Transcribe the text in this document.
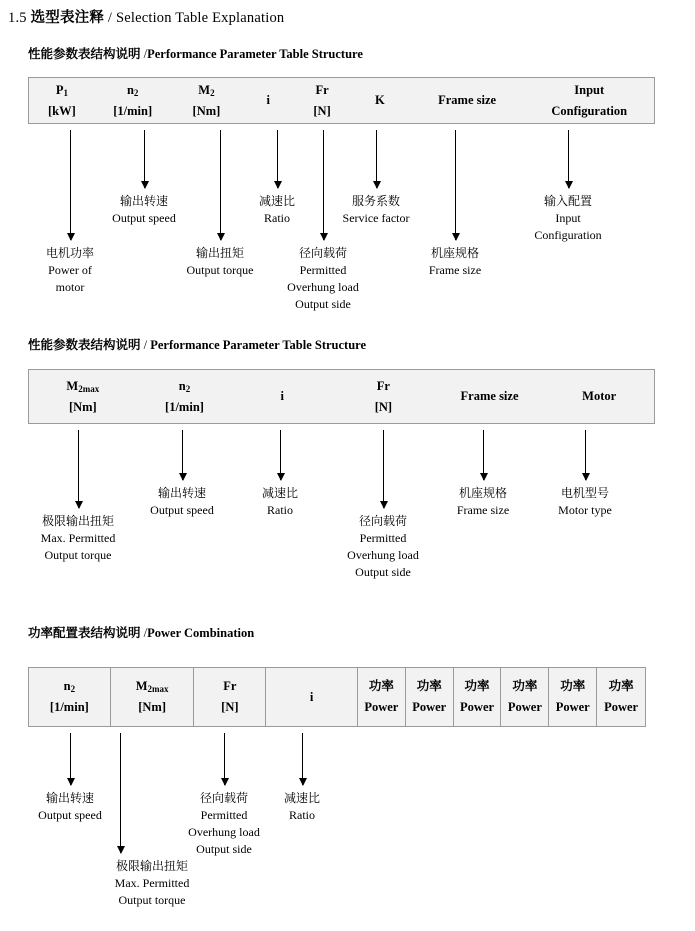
1.5 选型表注释 / Selection Table Explanation
性能参数表结构说明 /Performance Parameter Table Structure
$P_1$
[kW]
$n_2$
[1/min]
$M_2$
[Nm]
i
Fr
[N]
K	Frame size
Input
Configuration
电机功率
Power of
motor
输出转速
Output speed
输出扭矩
Output torque
减速比
Ratio
径向载荷
Permitted
Overhung load
Output side
服务系数
Service factor
机座规格
Frame size
输入配置
Input
Configuration
性能参数表结构说明 / Performance Parameter Table Structure
$M_{2max}$
[Nm]
$n_2$
[1/min]
i
Fr
[N]
Frame size	Motor
极限输出扭矩
Max. Permitted
Output torque
输出转速
Output speed
减速比
Ratio
径向载荷
Permitted
Overhung load
Output side
机座规格
Frame size
电机型号
Motor type
功率配置表结构说明 /Power Combination
$n_2$
[1/min]
$M_{2max}$
[Nm]
Fr
[N]
i
功率
Power
功率
Power
功率
Power
功率
Power
功率
Power
功率
Power
输出转速
Output speed
极限输出扭矩
Max. Permitted
Output torque
径向载荷
Permitted
Overhung load
Output side
减速比
Ratio
